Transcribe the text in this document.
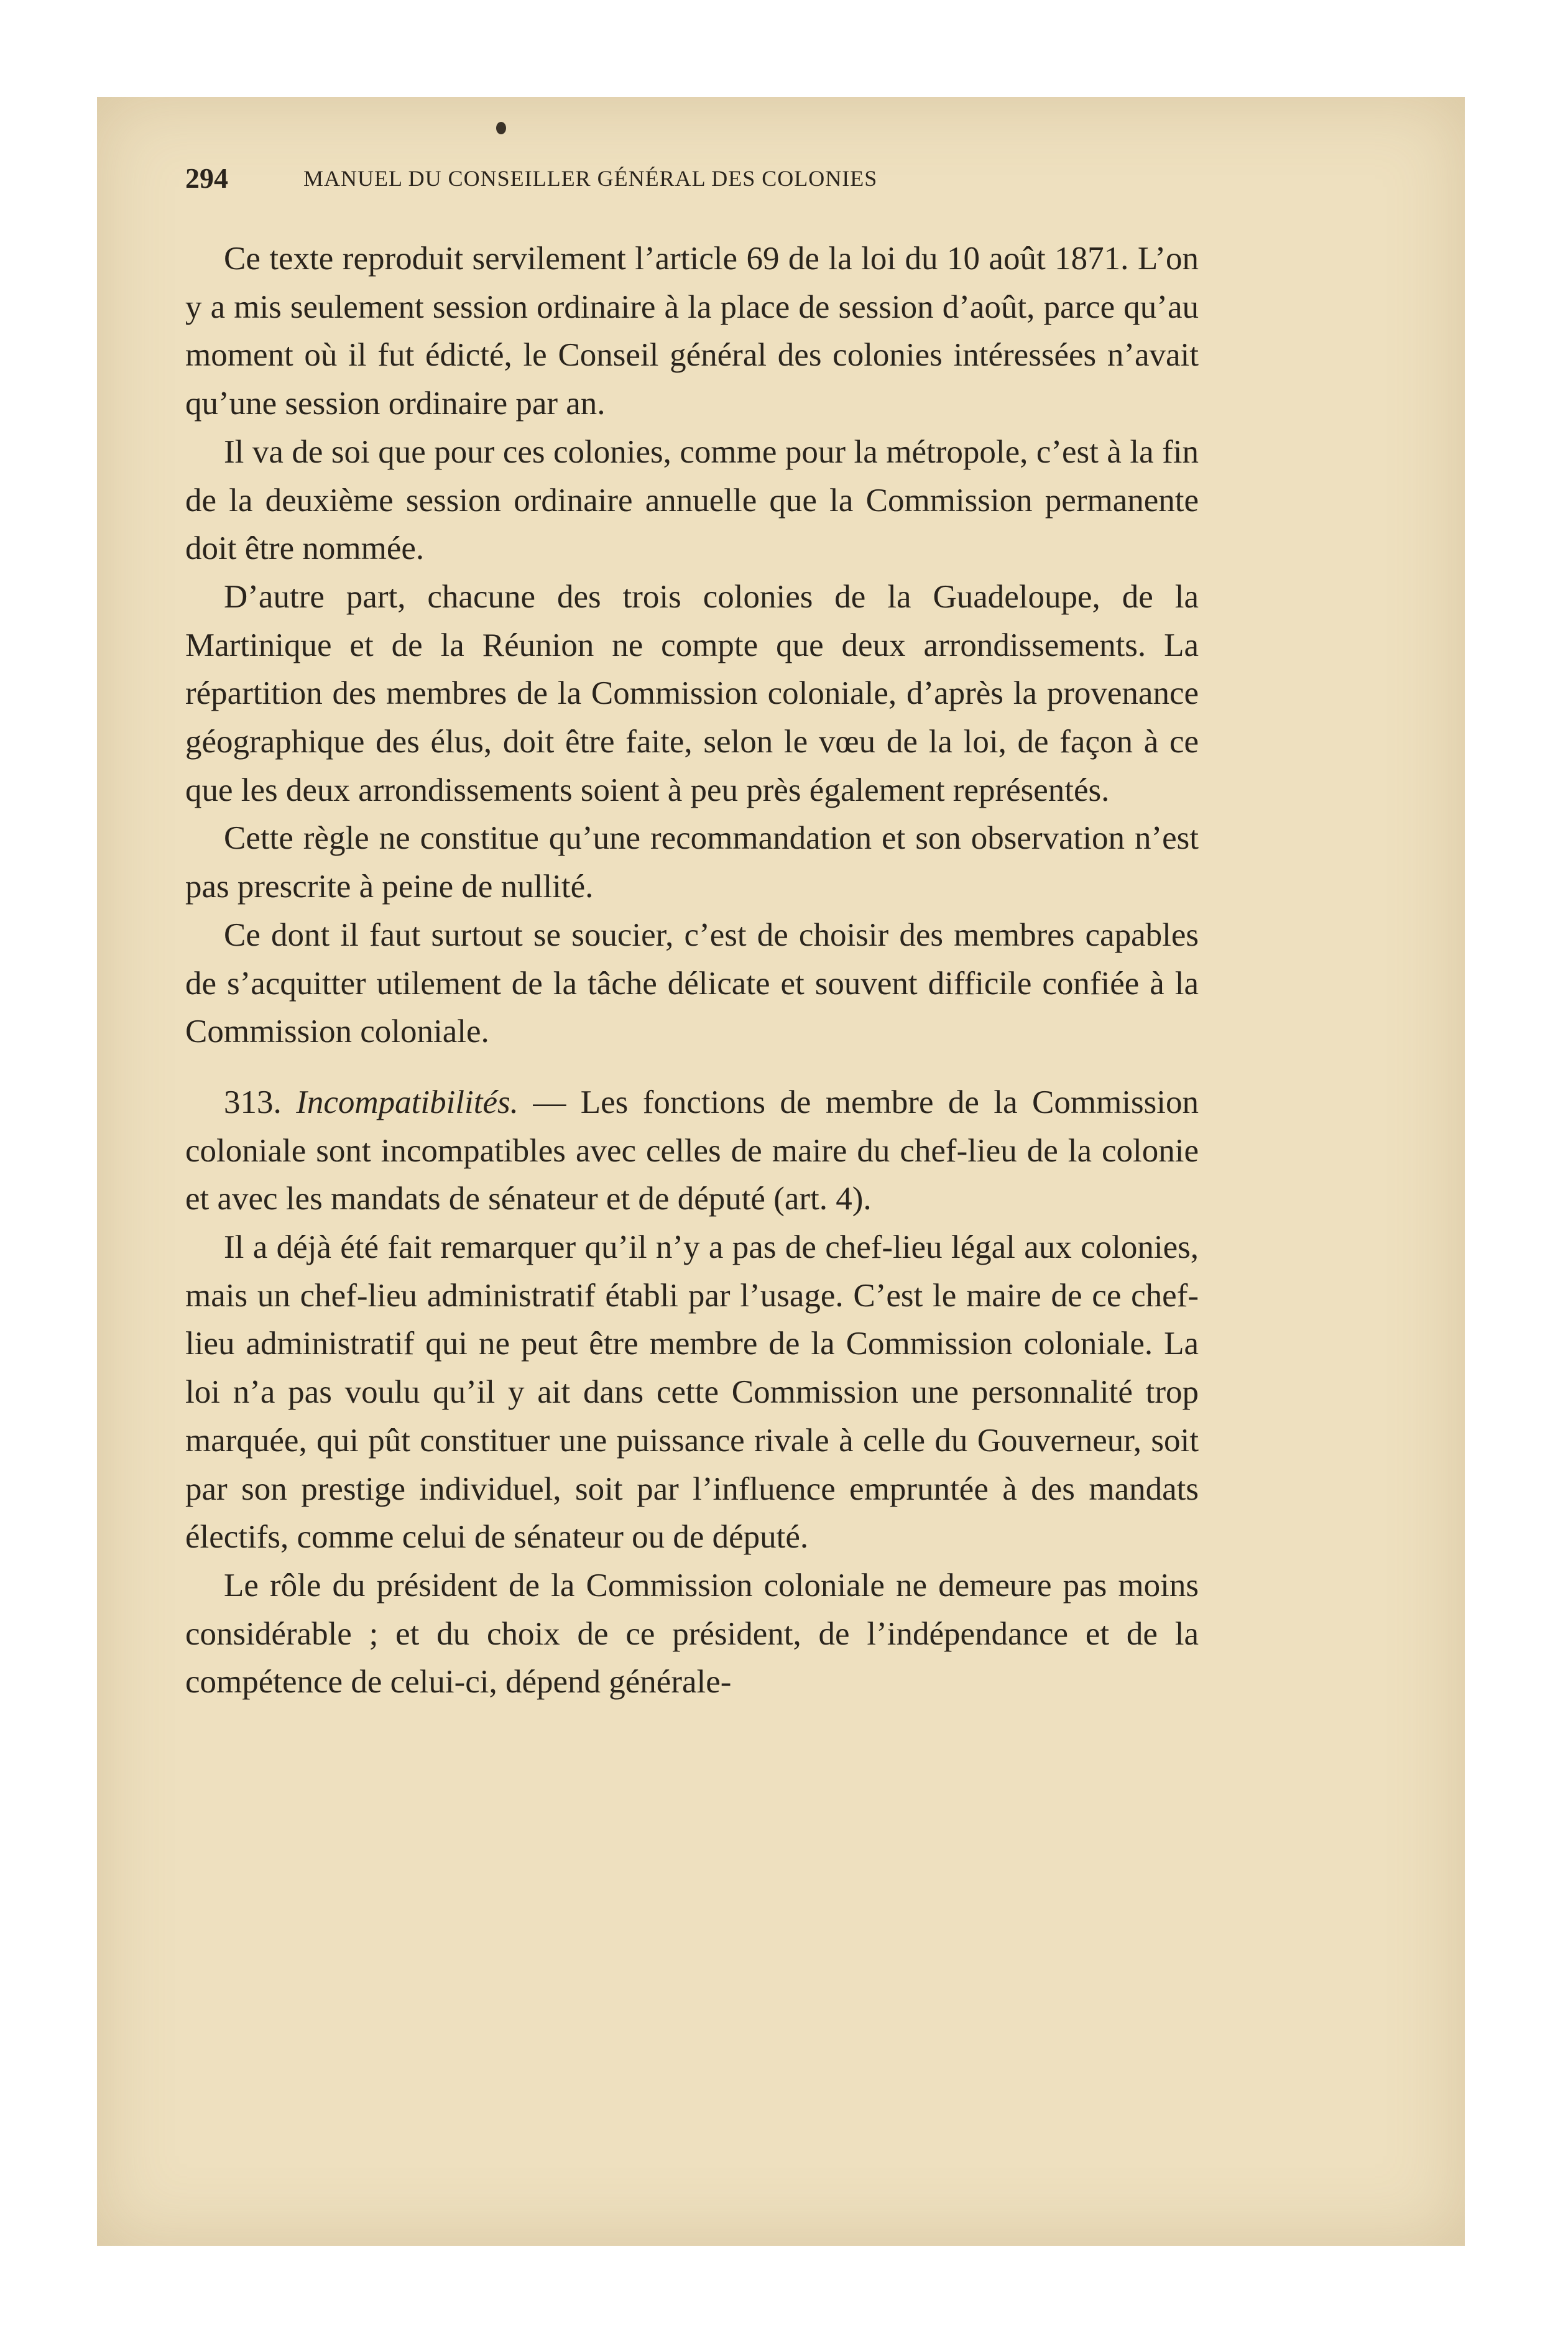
294	MANUEL DU CONSEILLER GÉNÉRAL DES COLONIES

Ce texte reproduit servilement l’article 69 de la loi du 10 août 1871. L’on y a mis seulement session ordinaire à la place de session d’août, parce qu’au moment où il fut édicté, le Conseil général des colonies intéressées n’avait qu’une session ordinaire par an.

Il va de soi que pour ces colonies, comme pour la métropole, c’est à la fin de la deuxième session ordinaire annuelle que la Commission permanente doit être nommée.

D’autre part, chacune des trois colonies de la Guadeloupe, de la Martinique et de la Réunion ne compte que deux arrondissements. La répartition des membres de la Commission coloniale, d’après la provenance géographique des élus, doit être faite, selon le vœu de la loi, de façon à ce que les deux arrondissements soient à peu près également représentés.

Cette règle ne constitue qu’une recommandation et son observation n’est pas prescrite à peine de nullité.

Ce dont il faut surtout se soucier, c’est de choisir des membres capables de s’acquitter utilement de la tâche délicate et souvent difficile confiée à la Commission coloniale.

313. Incompatibilités. — Les fonctions de membre de la Commission coloniale sont incompatibles avec celles de maire du chef-lieu de la colonie et avec les mandats de sénateur et de député (art. 4).

Il a déjà été fait remarquer qu’il n’y a pas de chef-lieu légal aux colonies, mais un chef-lieu administratif établi par l’usage. C’est le maire de ce chef-lieu administratif qui ne peut être membre de la Commission coloniale. La loi n’a pas voulu qu’il y ait dans cette Commission une personnalité trop marquée, qui pût constituer une puissance rivale à celle du Gouverneur, soit par son prestige individuel, soit par l’influence empruntée à des mandats électifs, comme celui de sénateur ou de député.

Le rôle du président de la Commission coloniale ne demeure pas moins considérable ; et du choix de ce président, de l’indépendance et de la compétence de celui-ci, dépend générale-
